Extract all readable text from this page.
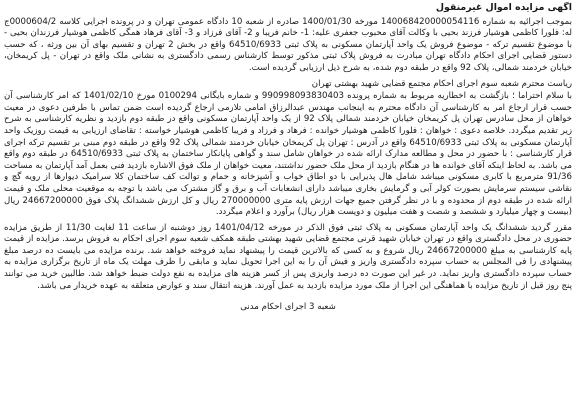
آگهی مزایده اموال غیرمنقول

بموجب اجرائیه به شماره 140068420000054116 مورخه 1400/01/30 صادره از شعبه 10 دادگاه عمومی تهران و در پرونده اجرایی کلاسه 0000604/2ج له: فلورا کاظمی هوشیار فرزند بحیی با وکالت آقای محبوب جعفری علیه: 1- خانم فریبا و 2- آقای فرزاد و 3- آقای فرهاد همگی کاظمی هوشیار فرزندان بحیی - با موضوع تقسیم ترکه - موضوع فروش یک واحد آپارتمان مسکونی به پلاک ثبتی 64510/6933 واقع در بخش 2 تهران و تقسیم بهای آن بین ورثه ، که حسب دستور قضایی اجرای احکام دادگاه تهران مبادرت به فروش پلاک ثبتی مذکور توسط کارشناس رسمی دادگستری به نشانی ملک واقع در تهران - پل کریمخان، خیابان خردمند شمالی، پلاک 92 واقع در طبقه دوم شده، به شرح ذیل ارزیابی گردیده است.

ریاست محترم شعبه سوم اجرای احکام مجتمع قضایی شهید بهشتی تهران

با سلام احتراما ؛ بازگشت به اخطاریه مربوط به شماره پرونده 990998093830403 و شماره بایگانی 0100294 مورخ 1401/02/10 که امر کارشناسی آن حسب قرار ارجاع امر به کارشناسی آن دادگاه محترم به اینجانب مهندس عبدالرزاق امامی تلارمی ارجاع گردیده است ضمن تماس با طرفین دعوی در معیت خواهان از محل سادرس تهران پل کریمخان خیابان خردمند شمالی پلاک 92 از یک واحد آپارتمان مسکونی واقع در طبقه دوم بازدید و نظریه کارشناسی به شرح زیر تقدیم میگردد. خلاصه دعوی : خواهان : فلورا کاظمی هوشیار خوانده : فرهاد و فرزاد و فریبا کاظمی هوشیار خواسته : تقاضای ارزیابی به قیمت روزیک واحد آپارتمان مسکونی به پلاک ثبتی 64510/6933 واقع در آدرس : تهران پل کریمخان خیابان خردمند شمالی پلاک 92 واقع در طبقه دوم مبنی بر تقسیم ترکه اجرای قرار کارشناسی : با حضور در محل و مطالعه مدارک ارائه شده در خواهان شامل سند و گواهی پایانکار ساختمان به پلاک ثبتی 64510/6933 در طبقه دوم واقع می باشد. به لحاظ اینکه آقای خوانده ها در هنگام بازدید از محل ملک حضور نداشتند، معیت خواهان از ملک فوق الاشاره بازدید فنی بعمل آمد آپارتمان به مساحت 91/36 مترمربع با کابری مسکونی میباشد شامل هال پذیرایی با دو اطاق خواب و آشپزخانه و حمام و توالت کف ساختمان کلا سرامیک دیوارها از رویه گچ و نقاشی سیستم سرمایش بصورت کولر آبی و گرمایش بخاری میباشد دارای انشعابات آب و برق و گاز مشترک می باشد با توجه به موقعیت محلی ملک و قیمت ارائه شده در طبقه دوم از محدوده و با در نظر گرفتن جمیع جهات ارزش پایه متری 270000000 ریال و کل ارزش ششدانگ پلاک فوق 24667200000 ریال (بیست و چهار میلیارد و ششصد و شصت و هفت میلیون و دویست هزار ریال) برآورد و اعلام میگردد.

مقرر گردید ششدانگ یک واحد آپارتمان مسکونی به پلاک ثبتی فوق الذکر در مورخه 1401/04/12 روز دوشنبه از ساعت 11 لغایت 11/30 از طریق مزایده حضوری در محل دادگستری واقع در تهران خیابان شهید قرنی مجتمع قضایی شهید بهشتی طبقه همکف شعبه سوم اجرای احکام به فروش برسد. مزایده از قیمت پایه کارشناسی به مبلغ 24667200000 ریال شروع و به کسی که بالاترین قیمت را پیشنهاد نماید فروخته خواهد شد. برنده مزایده می بایست ده درصد مبلغ پیشنهادی را فی المجلس به حساب سپرده دادگستری واریز و فیش آن را به این اجرا تحویل نماید و مابقی را ظرف مهلت یک ماه از تاریخ برگزاری مزایده به حساب سپرده دادگستری واریز نماید. در غیر این صورت ده درصد واریزی پس از کسر هزینه های مزایده به نفع دولت ضبط خواهد شد. طالبین خرید می توانند پنج روز قبل از تاریخ مزایده با هماهنگی این اجرا از ملک مورد مزایده بازدید به عمل آورند. هزینه انتقال سند و عوارض متعلقه به عهده خریدار می باشد.

شعبه 3 اجرای احکام مدنی
